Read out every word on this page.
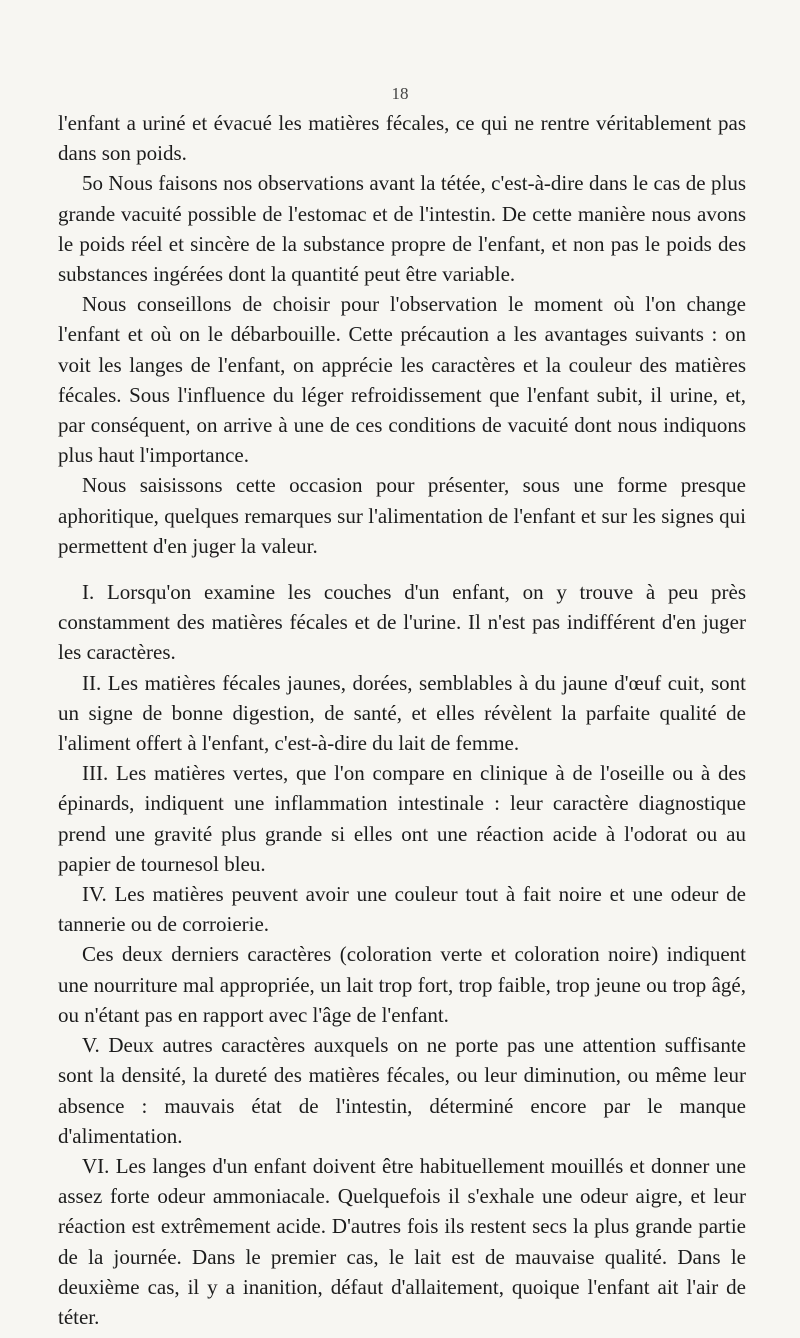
18

l'enfant a uriné et évacué les matières fécales, ce qui ne rentre véritablement pas dans son poids.

5o Nous faisons nos observations avant la tétée, c'est-à-dire dans le cas de plus grande vacuité possible de l'estomac et de l'intestin. De cette manière nous avons le poids réel et sincère de la substance propre de l'enfant, et non pas le poids des substances ingérées dont la quantité peut être variable.

Nous conseillons de choisir pour l'observation le moment où l'on change l'enfant et où on le débarbouille. Cette précaution a les avantages suivants : on voit les langes de l'enfant, on apprécie les caractères et la couleur des matières fécales. Sous l'influence du léger refroidissement que l'enfant subit, il urine, et, par conséquent, on arrive à une de ces conditions de vacuité dont nous indiquons plus haut l'importance.

Nous saisissons cette occasion pour présenter, sous une forme presque aphoritique, quelques remarques sur l'alimentation de l'enfant et sur les signes qui permettent d'en juger la valeur.

I. Lorsqu'on examine les couches d'un enfant, on y trouve à peu près constamment des matières fécales et de l'urine. Il n'est pas indifférent d'en juger les caractères.

II. Les matières fécales jaunes, dorées, semblables à du jaune d'œuf cuit, sont un signe de bonne digestion, de santé, et elles révèlent la parfaite qualité de l'aliment offert à l'enfant, c'est-à-dire du lait de femme.

III. Les matières vertes, que l'on compare en clinique à de l'oseille ou à des épinards, indiquent une inflammation intestinale : leur caractère diagnostique prend une gravité plus grande si elles ont une réaction acide à l'odorat ou au papier de tournesol bleu.

IV. Les matières peuvent avoir une couleur tout à fait noire et une odeur de tannerie ou de corroierie.

Ces deux derniers caractères (coloration verte et coloration noire) indiquent une nourriture mal appropriée, un lait trop fort, trop faible, trop jeune ou trop âgé, ou n'étant pas en rapport avec l'âge de l'enfant.

V. Deux autres caractères auxquels on ne porte pas une attention suffisante sont la densité, la dureté des matières fécales, ou leur diminution, ou même leur absence : mauvais état de l'intestin, déterminé encore par le manque d'alimentation.

VI. Les langes d'un enfant doivent être habituellement mouillés et donner une assez forte odeur ammoniacale. Quelquefois il s'exhale une odeur aigre, et leur réaction est extrêmement acide. D'autres fois ils restent secs la plus grande partie de la journée. Dans le premier cas, le lait est de mauvaise qualité. Dans le deuxième cas, il y a inanition, défaut d'allaitement, quoique l'enfant ait l'air de téter.
